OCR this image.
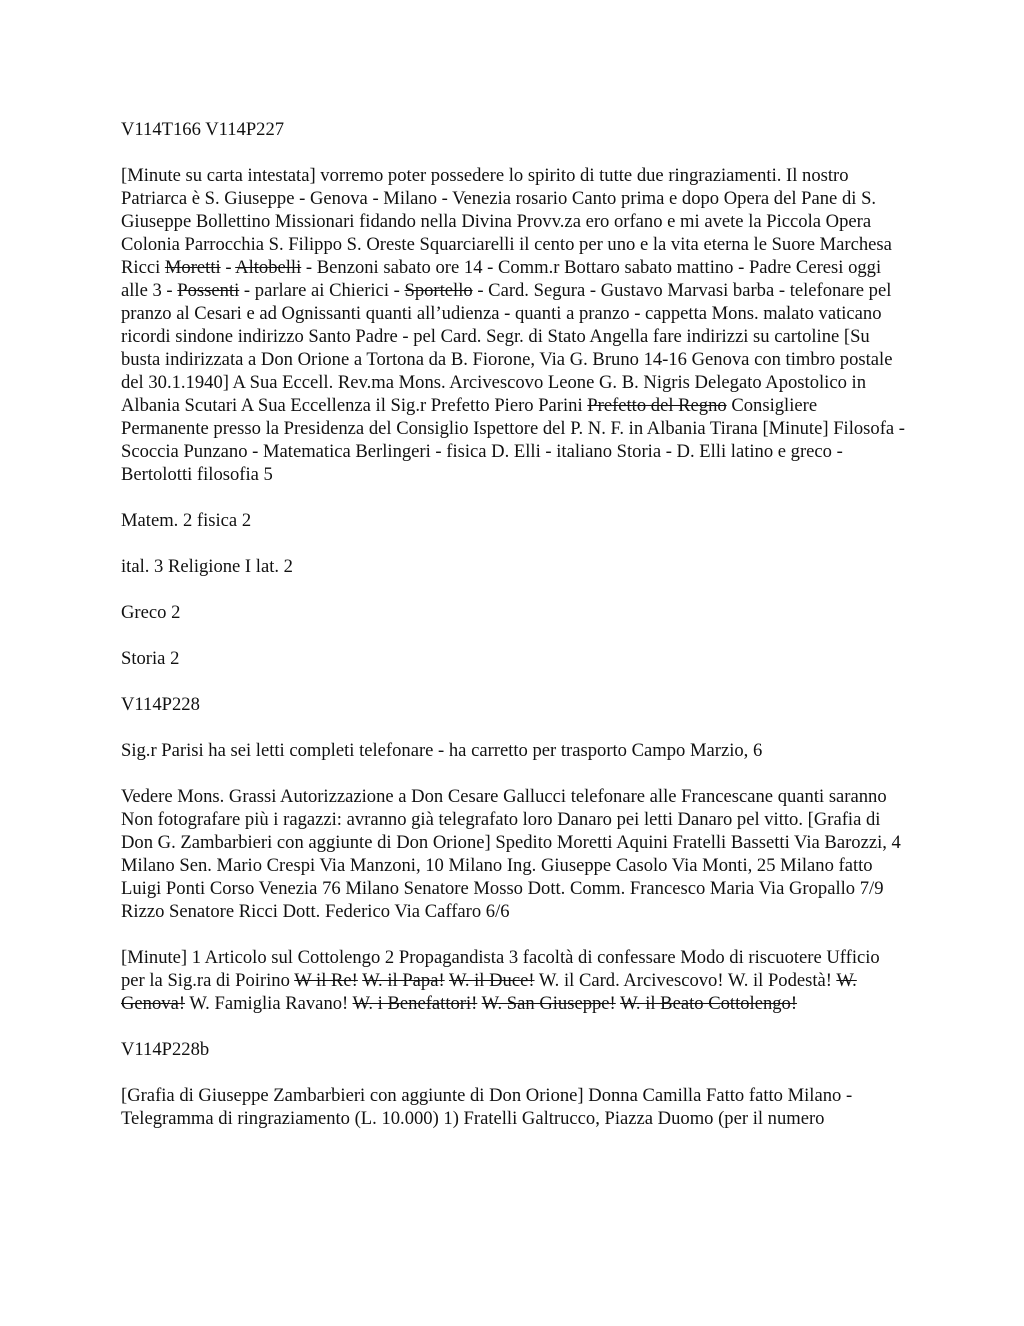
V114T166 V114P227

[Minute su carta intestata] vorremo poter possedere lo spirito di tutte due ringraziamenti. Il nostro Patriarca è S. Giuseppe - Genova - Milano - Venezia rosario Canto prima e dopo Opera del Pane di S. Giuseppe Bollettino Missionari fidando nella Divina Provv.za ero orfano e mi avete la Piccola Opera Colonia Parrocchia S. Filippo S. Oreste Squarciarelli il cento per uno e la vita eterna le Suore Marchesa Ricci Moretti - Altobelli - Benzoni sabato ore 14 - Comm.r Bottaro sabato mattino - Padre Ceresi oggi alle 3 - Possenti - parlare ai Chierici - Sportello - Card. Segura - Gustavo Marvasi barba - telefonare pel pranzo al Cesari e ad Ognissanti quanti all’udienza - quanti a pranzo - cappetta Mons. malato vaticano ricordi sindone indirizzo Santo Padre - pel Card. Segr. di Stato Angella fare indirizzi su cartoline [Su busta indirizzata a Don Orione a Tortona da B. Fiorone, Via G. Bruno 14-16 Genova con timbro postale del 30.1.1940] A Sua Eccell. Rev.ma Mons. Arcivescovo Leone G. B. Nigris Delegato Apostolico in Albania Scutari A Sua Eccellenza il Sig.r Prefetto Piero Parini Prefetto del Regno Consigliere Permanente presso la Presidenza del Consiglio Ispettore del P. N. F. in Albania Tirana [Minute] Filosofa - Scoccia Punzano - Matematica Berlingeri - fisica D. Elli - italiano Storia - D. Elli latino e greco - Bertolotti filosofia 5

Matem. 2 fisica 2

ital. 3 Religione I lat. 2

Greco 2

Storia 2

V114P228

Sig.r Parisi ha sei letti completi telefonare - ha carretto per trasporto Campo Marzio, 6

Vedere Mons. Grassi Autorizzazione a Don Cesare Gallucci telefonare alle Francescane quanti saranno Non fotografare più i ragazzi: avranno già telegrafato loro Danaro pei letti Danaro pel vitto. [Grafia di Don G. Zambarbieri con aggiunte di Don Orione] Spedito Moretti Aquini Fratelli Bassetti Via Barozzi, 4 Milano Sen. Mario Crespi Via Manzoni, 10 Milano Ing. Giuseppe Casolo Via Monti, 25 Milano fatto Luigi Ponti Corso Venezia 76 Milano Senatore Mosso Dott. Comm. Francesco Maria Via Gropallo 7/9 Rizzo Senatore Ricci Dott. Federico Via Caffaro 6/6

[Minute] 1 Articolo sul Cottolengo 2 Propagandista 3 facoltà di confessare Modo di riscuotere Ufficio per la Sig.ra di Poirino W il Re! W. il Papa! W. il Duce! W. il Card. Arcivescovo! W. il Podestà! W. Genova! W. Famiglia Ravano! W. i Benefattori! W. San Giuseppe! W. il Beato Cottolengo!

V114P228b

[Grafia di Giuseppe Zambarbieri con aggiunte di Don Orione] Donna Camilla Fatto fatto Milano - Telegramma di ringraziamento (L. 10.000) 1) Fratelli Galtrucco, Piazza Duomo (per il numero
